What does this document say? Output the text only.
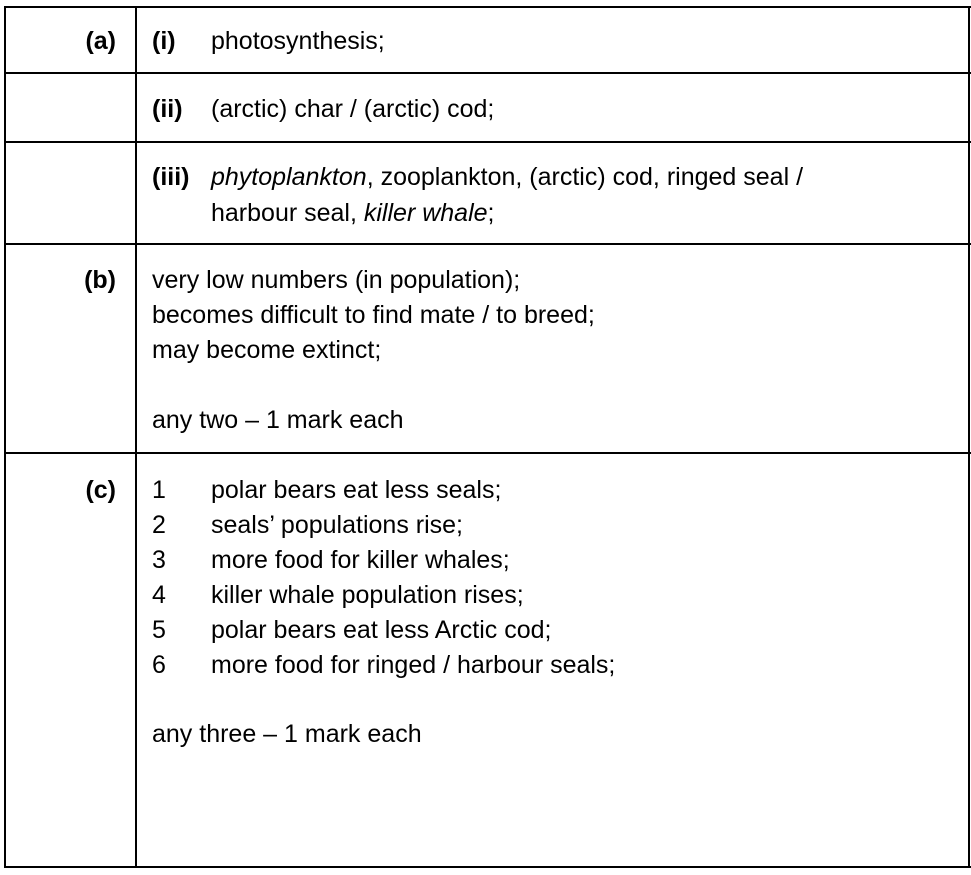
(a) (i) photosynthesis;
(ii) (arctic) char / (arctic) cod;
(iii) phytoplankton, zooplankton, (arctic) cod, ringed seal /
harbour seal, killer whale;
(b) very low numbers (in population);
becomes difficult to find mate / to breed;
may become extinct;
any two – 1 mark each
(c) 1 polar bears eat less seals;
2 seals’ populations rise;
3 more food for killer whales;
4 killer whale population rises;
5 polar bears eat less Arctic cod;
6 more food for ringed / harbour seals;
any three – 1 mark each
